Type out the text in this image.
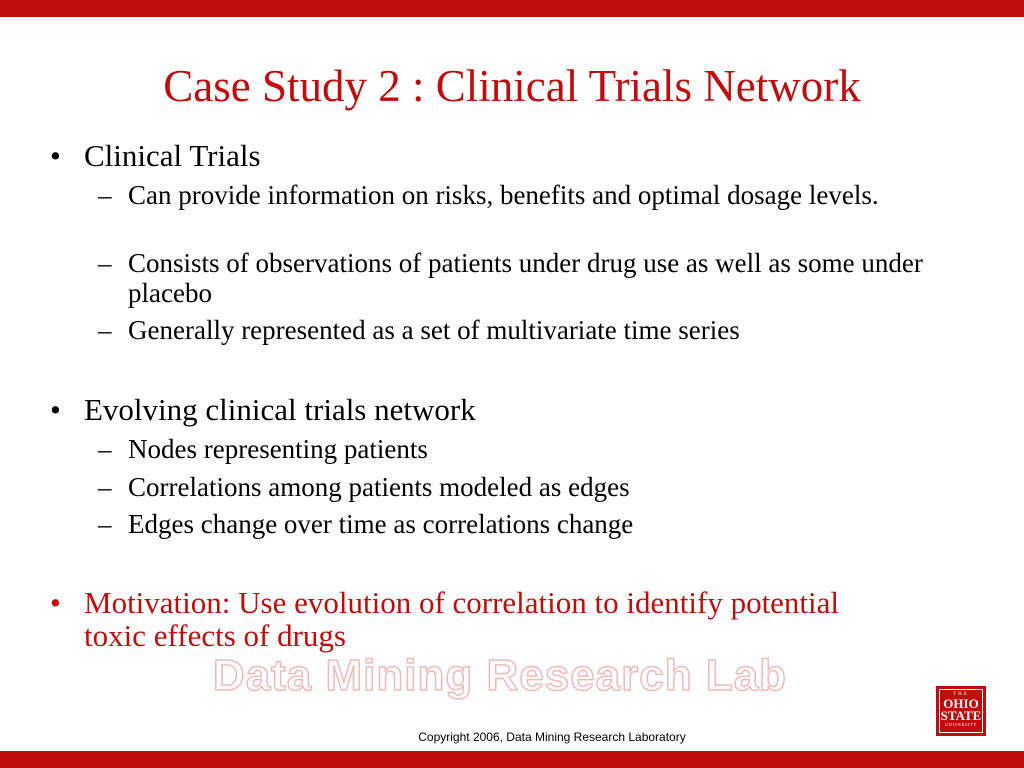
Case Study 2 : Clinical Trials Network
• Clinical Trials
– Can provide information on risks, benefits and optimal dosage levels.
– Consists of observations of patients under drug use as well as some under placebo
– Generally represented as a set of multivariate time series
• Evolving clinical trials network
– Nodes representing patients
– Correlations among patients modeled as edges
– Edges change over time as correlations change
• Motivation: Use evolution of correlation to identify potential toxic effects of drugs
Data Mining Research Lab	THE
OHIO
STATE
UNIVERSITY
Copyright 2006, Data Mining Research Laboratory
